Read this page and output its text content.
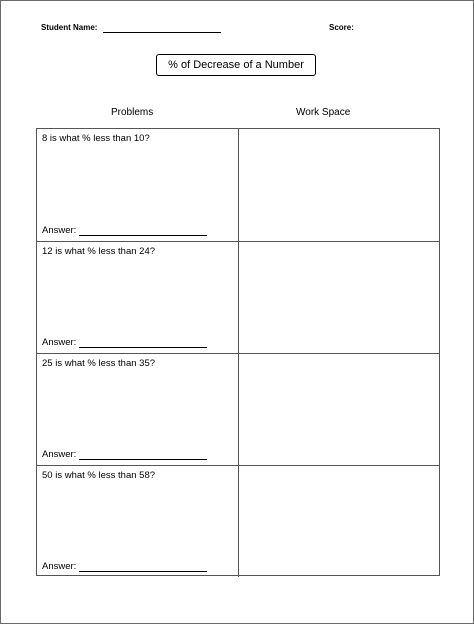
Student Name:	Score:
% of Decrease of a Number
Problems	Work Space
8 is what % less than 10?
Answer:
12 is what % less than 24?
Answer:
25 is what % less than 35?
Answer:
50 is what % less than 58?
Answer:
